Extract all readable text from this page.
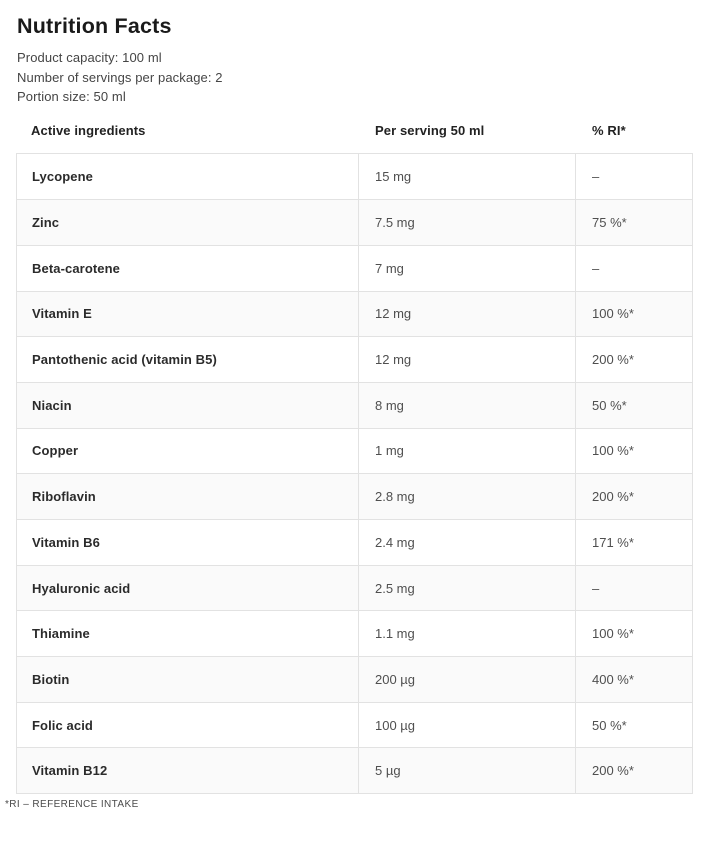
Nutrition Facts
Product capacity: 100 ml
Number of servings per package: 2
Portion size: 50 ml
Active ingredients	Per serving 50 ml	% RI*
Lycopene	15 mg	–
Zinc	7.5 mg	75 %*
Beta-carotene	7 mg	–
Vitamin E	12 mg	100 %*
Pantothenic acid (vitamin B5)	12 mg	200 %*
Niacin	8 mg	50 %*
Copper	1 mg	100 %*
Riboflavin	2.8 mg	200 %*
Vitamin B6	2.4 mg	171 %*
Hyaluronic acid	2.5 mg	–
Thiamine	1.1 mg	100 %*
Biotin	200 µg	400 %*
Folic acid	100 µg	50 %*
Vitamin B12	5 µg	200 %*
*RI – REFERENCE INTAKE
